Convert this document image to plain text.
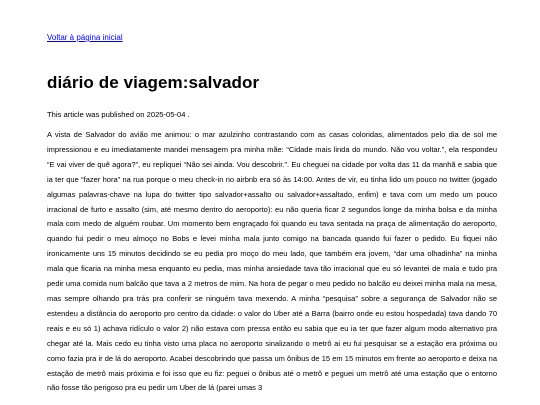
Voltar à página inicial
diário de viagem:salvador
This article was published on 2025-05-04 .

A vista de Salvador do avião me animou: o mar azulzinho contrastando com as casas coloridas, alimentados pelo dia de sol me impressionou e eu imediatamente mandei mensagem pra minha mãe: “Cidade mais linda do mundo. Não vou voltar.”, ela respondeu “E vai viver de quê agora?”, eu repliquei “Não sei ainda. Vou descobrir.”. Eu cheguei na cidade por volta das 11 da manhã e sabia que ia ter que “fazer hora” na rua porque o meu check-in no airbnb era só às 14:00. Antes de vir, eu tinha lido um pouco no twitter (jogado algumas palavras-chave na lupa do twitter tipo salvador+assalto ou salvador+assaltado, enfim) e tava com um medo um pouco irracional de furto e assalto (sim, até mesmo dentro do aeroporto): eu não queria ficar 2 segundos longe da minha bolsa e da minha mala com medo de alguém roubar. Um momento bem engraçado foi quando eu tava sentada na praça de alimentação do aeroporto, quando fui pedir o meu almoço no Bobs e levei minha mala junto comigo na bancada quando fui fazer o pedido. Eu fiquei não ironicamente uns 15 minutos decidindo se eu pedia pro moço do meu lado, que também era jovem, “dar uma olhadinha” na minha mala que ficaria na minha mesa enquanto eu pedia, mas minha ansiedade tava tão irracional que eu só levantei de mala e tudo pra pedir uma comida num balcão que tava a 2 metros de mim. Na hora de pegar o meu pedido no balcão eu deixei minha mala na mesa, mas sempre olhando pra trás pra conferir se ninguém tava mexendo. A minha “pesquisa” sobre a segurança de Salvador não se estendeu a distância do aeroporto pro centro da cidade: o valor do Uber até a Barra (bairro onde eu estou hospedada) tava dando 70 reais e eu só 1) achava ridículo o valor 2) não estava com pressa então eu sabia que eu ia ter que fazer algum modo alternativo pra chegar até la. Mais cedo eu tinha visto uma placa no aeroporto sinalizando o metrô ai eu fui pesquisar se a estação era próxima ou como fazia pra ir de lá do aeroporto. Acabei descobrindo que passa um ônibus de 15 em 15 minutos em frente ao aeroporto e deixa na estação de metrô mais próxima e foi isso que eu fiz: peguei o ônibus até o metrô e peguei um metrô até uma estação que o entorno não fosse tão perigoso pra eu pedir um Uber de lá (parei umas 3
